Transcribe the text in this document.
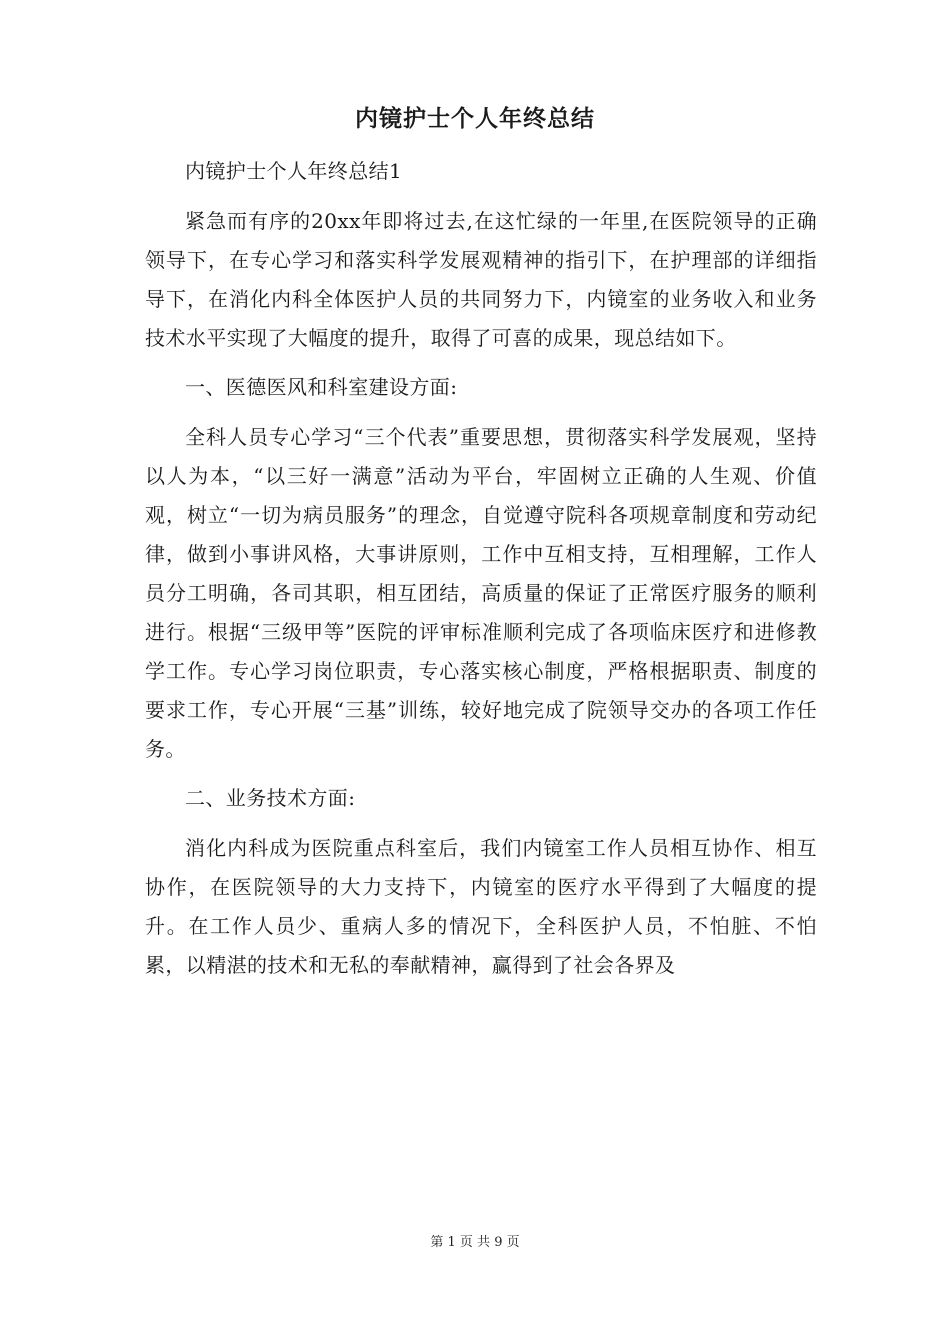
内镜护士个人年终总结

内镜护士个人年终总结1

紧急而有序的20xx年即将过去,在这忙绿的一年里,在医院领导的正确领导下，在专心学习和落实科学发展观精神的指引下，在护理部的详细指导下，在消化内科全体医护人员的共同努力下，内镜室的业务收入和业务技术水平实现了大幅度的提升，取得了可喜的成果，现总结如下。

一、医德医风和科室建设方面:

全科人员专心学习“三个代表”重要思想，贯彻落实科学发展观，坚持以人为本，“以三好一满意”活动为平台，牢固树立正确的人生观、价值观，树立“一切为病员服务”的理念，自觉遵守院科各项规章制度和劳动纪律，做到小事讲风格，大事讲原则，工作中互相支持，互相理解，工作人员分工明确，各司其职，相互团结，高质量的保证了正常医疗服务的顺利进行。根据“三级甲等”医院的评审标准顺利完成了各项临床医疗和进修教学工作。专心学习岗位职责，专心落实核心制度，严格根据职责、制度的要求工作，专心开展“三基”训练，较好地完成了院领导交办的各项工作任务。

二、业务技术方面:

消化内科成为医院重点科室后，我们内镜室工作人员相互协作、相互协作，在医院领导的大力支持下，内镜室的医疗水平得到了大幅度的提升。在工作人员少、重病人多的情况下，全科医护人员，不怕脏、不怕累，以精湛的技术和无私的奉献精神，赢得到了社会各界及

第 1 页 共 9 页
